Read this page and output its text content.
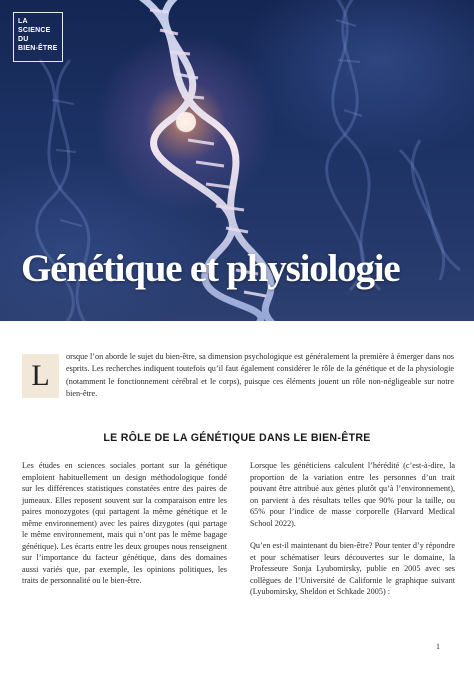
LA
SCIENCE
DU
BIEN-ÊTRE
Génétique et physiologie
L

orsque l’on aborde le sujet du bien-être, sa dimension psychologique est généralement la première à émerger dans nos esprits. Les recherches indiquent toutefois qu’il faut également considérer le rôle de la génétique et de la physiologie (notamment le fonctionnement cérébral et le corps), puisque ces éléments jouent un rôle non-négligeable sur notre bien-être.

LE RÔLE DE LA GÉNÉTIQUE DANS LE BIEN-ÊTRE

Les études en sciences sociales portant sur la génétique emploient habituellement un design méthodologique fondé sur les différences statistiques constatées entre des paires de jumeaux. Elles reposent souvent sur la comparaison entre les paires monozygotes (qui partagent la même génétique et le même environnement) avec les paires dizygotes (qui partage le même environnement, mais qui n’ont pas le même bagage génétique). Les écarts entre les deux groupes nous renseignent sur l’importance du facteur génétique, dans des domaines aussi variés que, par exemple, les opinions politiques, les traits de personnalité ou le bien-être.

Lorsque les généticiens calculent l’hérédité (c’est-à-dire, la proportion de la variation entre les personnes d’un trait pouvant être attribué aux gènes plutôt qu’à l’environnement), on parvient à des résultats telles que 90% pour la taille, ou 65% pour l’indice de masse corporelle (Harvard Medical School 2022).

Qu’en est-il maintenant du bien-être? Pour tenter d’y répondre et pour schématiser leurs découvertes sur le domaine, la Professeure Sonja Lyubomirsky, publie en 2005 avec ses collègues de l’Université de Californie le graphique suivant (Lyubomirsky, Sheldon et Schkade 2005) :

1
